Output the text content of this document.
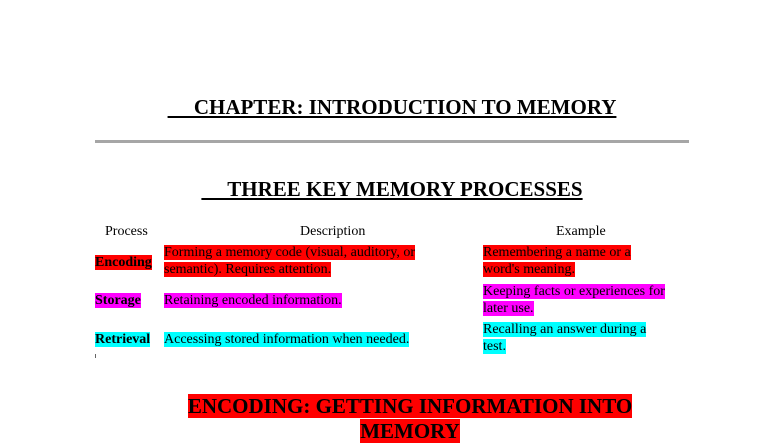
CHAPTER: INTRODUCTION TO MEMORY
THREE KEY MEMORY PROCESSES
Process	Description	Example
Encoding
Forming a memory code (visual, auditory, or semantic). Requires attention.
Remembering a name or a word's meaning.
Storage Retaining encoded information.
Keeping facts or experiences for later use.
Retrieval Accessing stored information when needed.
Recalling an answer during a test.
ENCODING: GETTING INFORMATION INTO MEMORY
